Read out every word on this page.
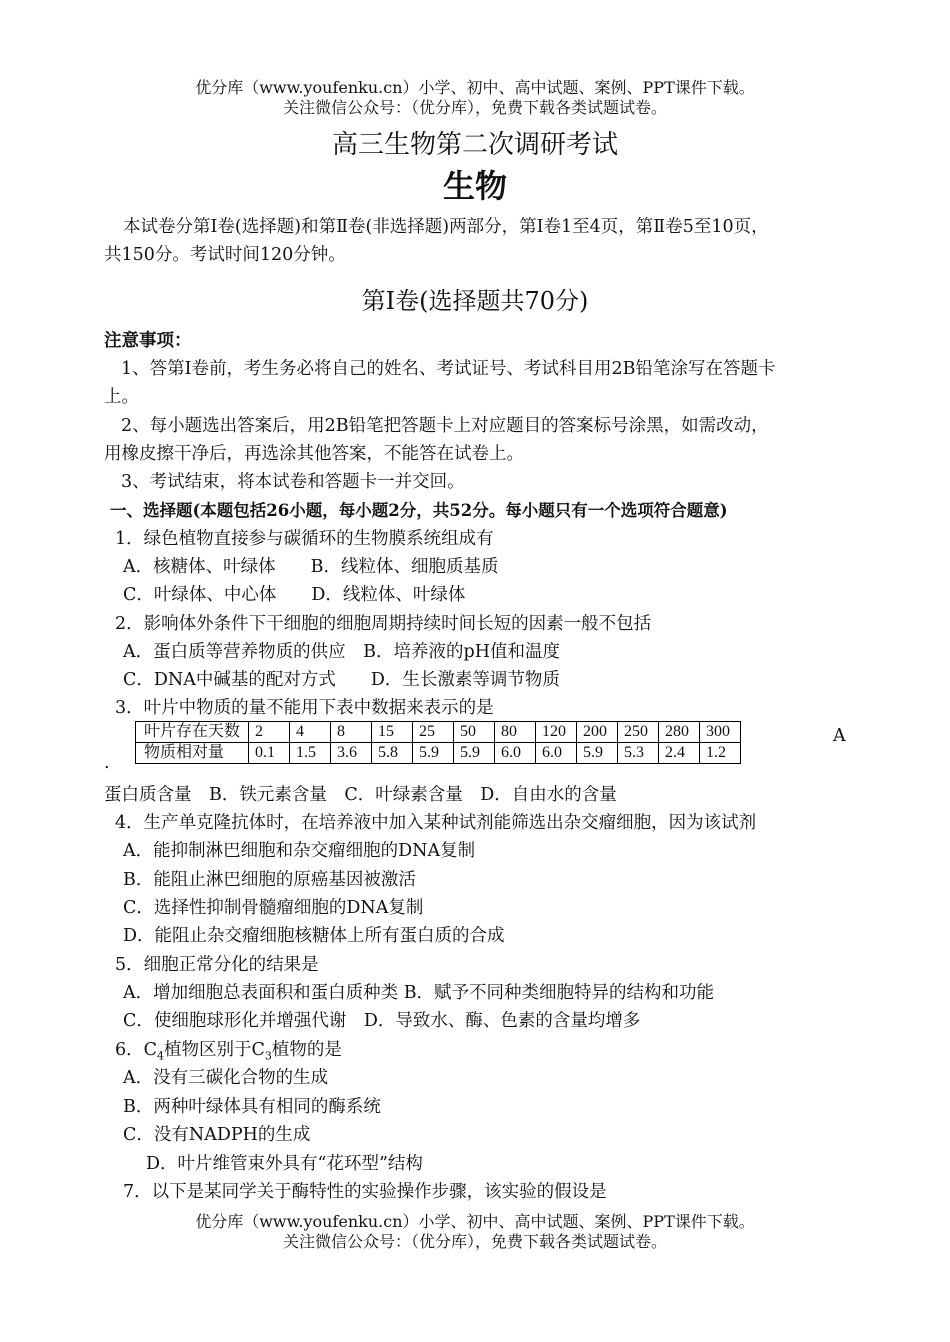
优分库（www.youfenku.cn）小学、初中、高中试题、案例、PPT课件下载。
关注微信公众号：（优分库），免费下载各类试题试卷。
高三生物第二次调研考试
生物
本试卷分第Ⅰ卷(选择题)和第Ⅱ卷(非选择题)两部分，第Ⅰ卷1至4页，第Ⅱ卷5至10页，
共150分。考试时间120分钟。
第Ⅰ卷(选择题共70分)
注意事项：
1、答第Ⅰ卷前，考生务必将自己的姓名、考试证号、考试科目用2B铅笔涂写在答题卡
上。
2、每小题选出答案后，用2B铅笔把答题卡上对应题目的答案标号涂黑，如需改动，
用橡皮擦干净后，再选涂其他答案，不能答在试卷上。
3、考试结束，将本试卷和答题卡一并交回。
一、选择题(本题包括26小题，每小题2分，共52分。每小题只有一个选项符合题意)
1．绿色植物直接参与碳循环的生物膜系统组成有
A．核糖体、叶绿体　　B．线粒体、细胞质基质
C．叶绿体、中心体　　D．线粒体、叶绿体
2．影响体外条件下干细胞的细胞周期持续时间长短的因素一般不包括
A．蛋白质等营养物质的供应　B．培养液的pH值和温度
C．DNA中碱基的配对方式　　D．生长激素等调节物质
3．叶片中物质的量不能用下表中数据来表示的是
叶片存在天数	2	4	8	15	25	50	80	120	200	250	280	300
物质相对量	0.1	1.5	3.6	5.8	5.9	5.9	6.0	6.0	5.9	5.3	2.4	1.2
A
.
蛋白质含量　B．铁元素含量　C．叶绿素含量　D．自由水的含量
4．生产单克隆抗体时，在培养液中加入某种试剂能筛选出杂交瘤细胞，因为该试剂
A．能抑制淋巴细胞和杂交瘤细胞的DNA复制
B．能阻止淋巴细胞的原癌基因被激活
C．选择性抑制骨髓瘤细胞的DNA复制
D．能阻止杂交瘤细胞核糖体上所有蛋白质的合成
5．细胞正常分化的结果是
A．增加细胞总表面积和蛋白质种类 B．赋予不同种类细胞特异的结构和功能
C．使细胞球形化并增强代谢　D．导致水、酶、色素的含量均增多
6．$C_4$植物区别于$C_3$植物的是
A．没有三碳化合物的生成
B．两种叶绿体具有相同的酶系统
C．没有NADPH的生成
D．叶片维管束外具有“花环型”结构
7．以下是某同学关于酶特性的实验操作步骤，该实验的假设是
优分库（www.youfenku.cn）小学、初中、高中试题、案例、PPT课件下载。
关注微信公众号：（优分库），免费下载各类试题试卷。
